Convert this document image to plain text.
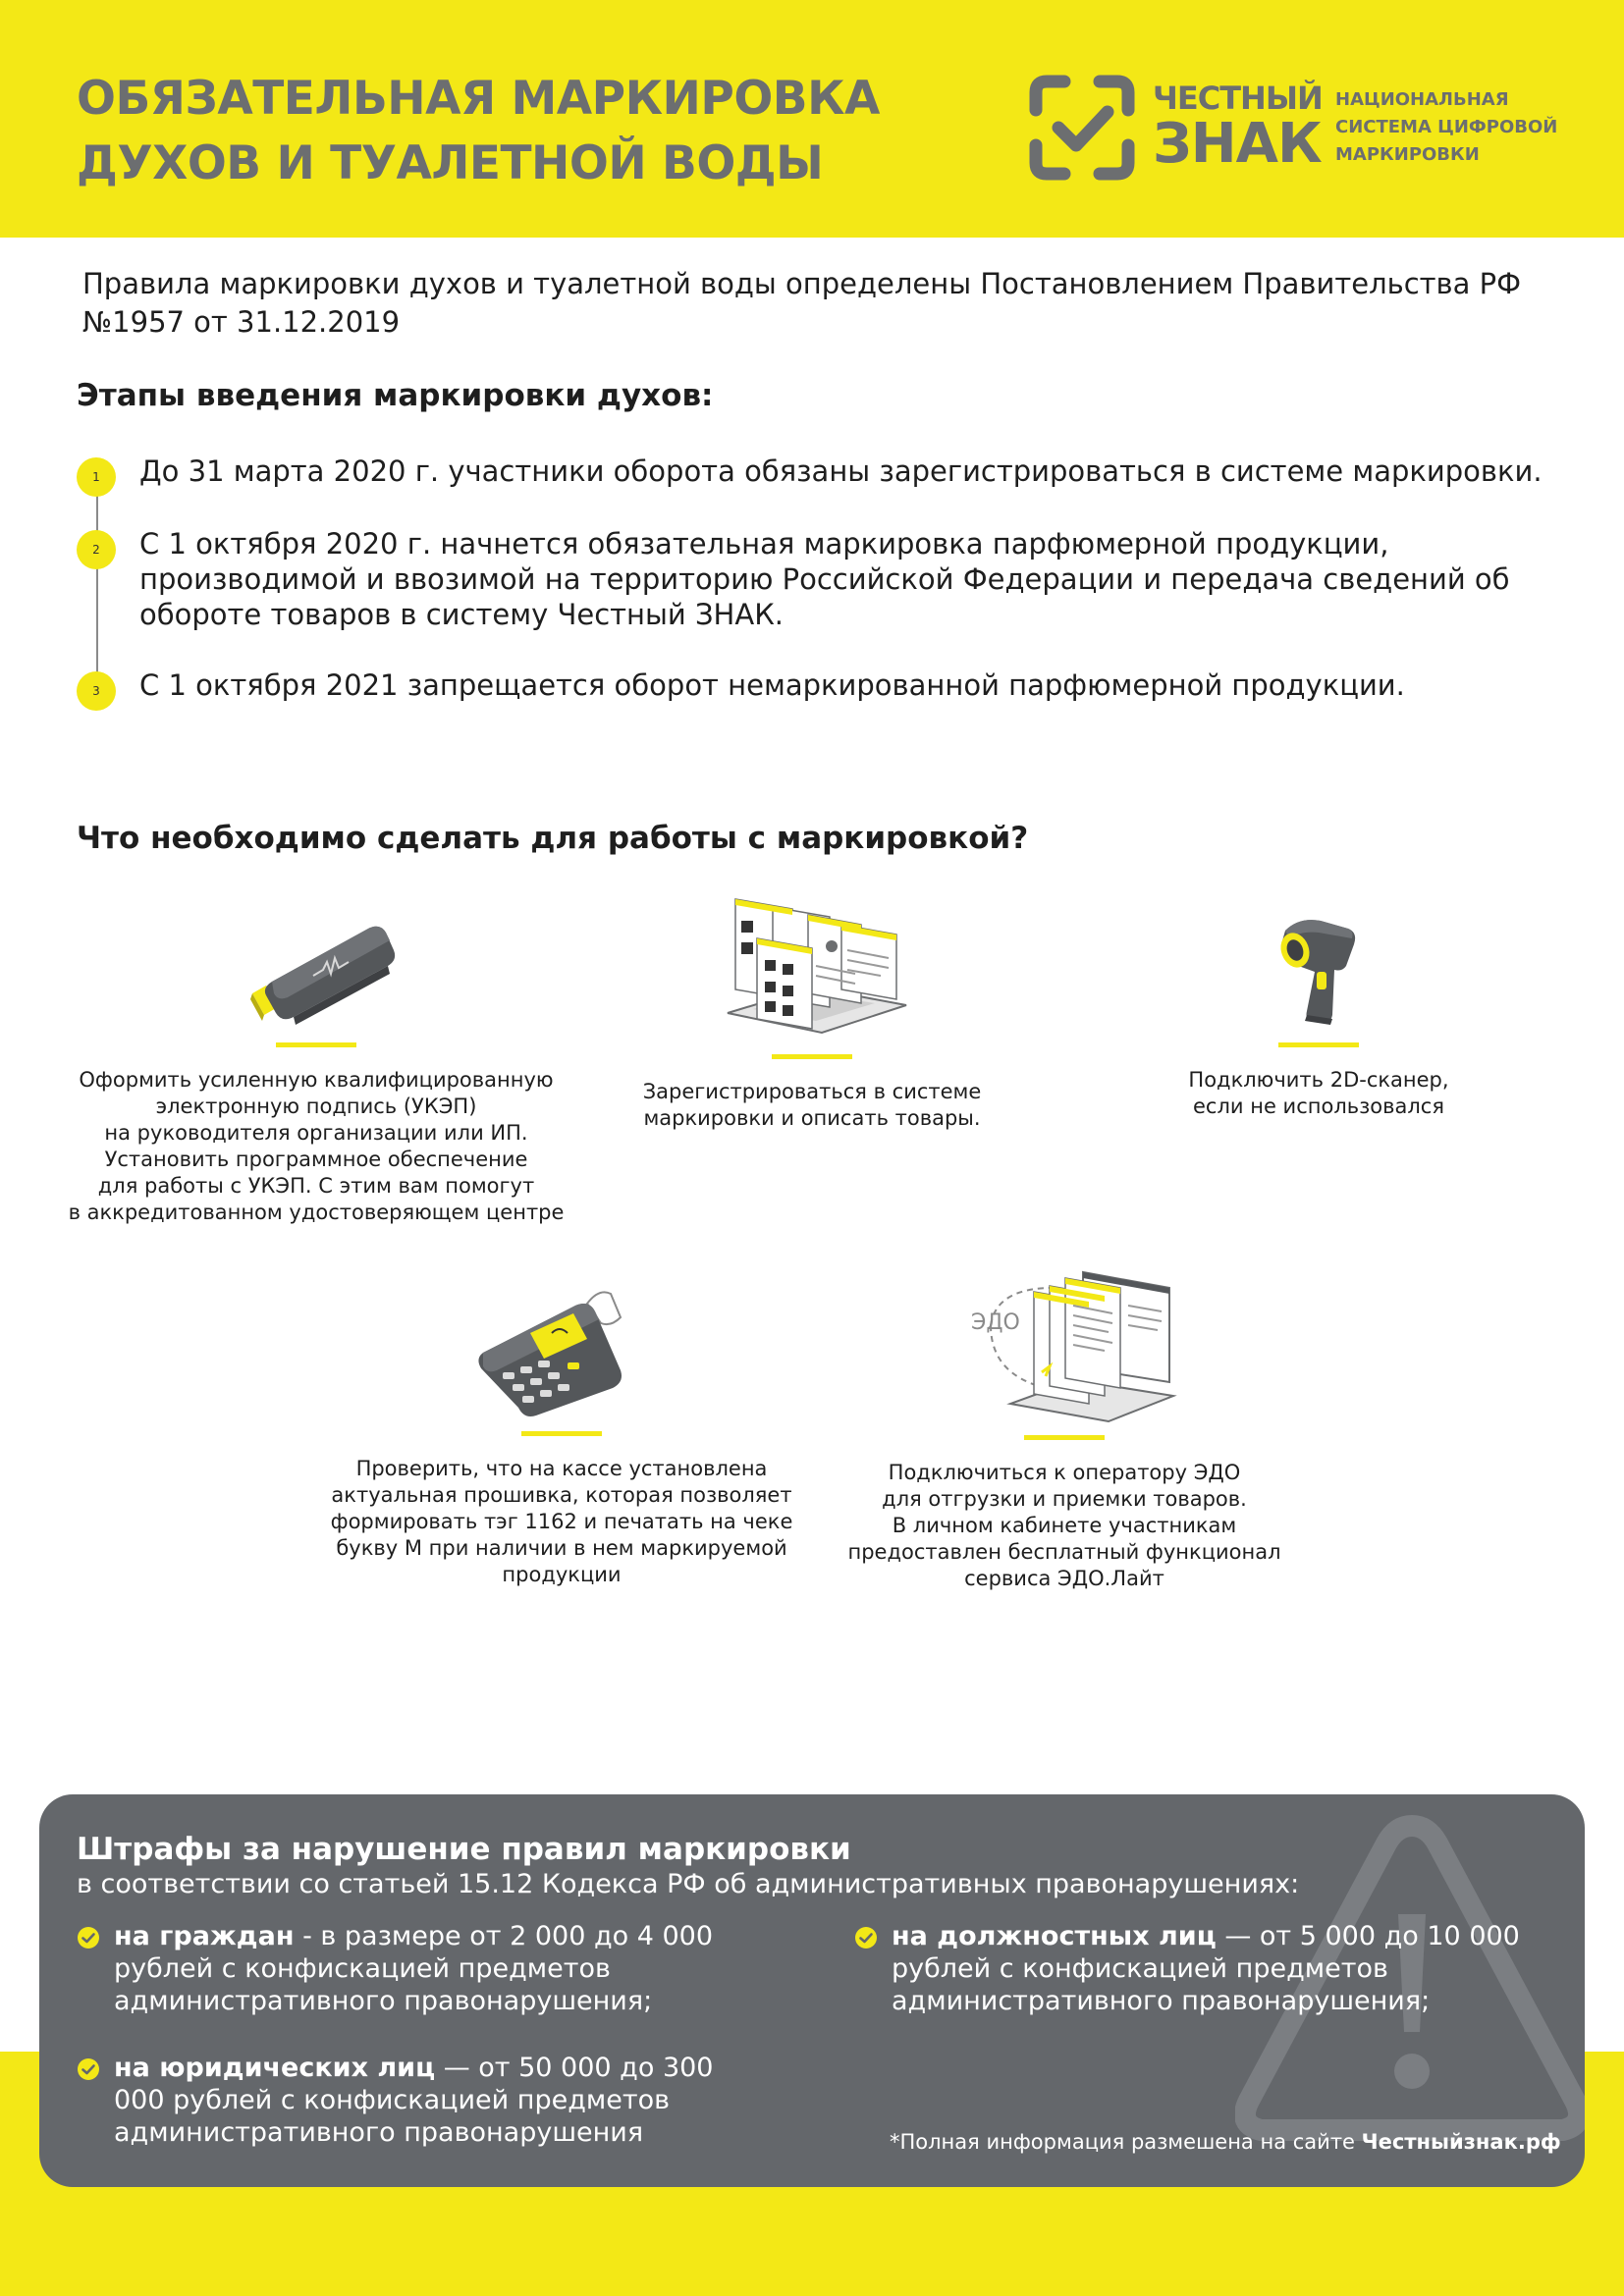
ОБЯЗАТЕЛЬНАЯ МАРКИРОВКА
ДУХОВ И ТУАЛЕТНОЙ ВОДЫ
ЧЕСТНЫЙ
ЗНАК
НАЦИОНАЛЬНАЯ
СИСТЕМА ЦИФРОВОЙ
МАРКИРОВКИ

Правила маркировки духов и туалетной воды определены Постановлением Правительства РФ №1957 от 31.12.2019

Этапы введения маркировки духов:
1	До 31 марта 2020 г. участники оборота обязаны зарегистрироваться в системе маркировки.

2	С 1 октября 2020 г. начнется обязательная маркировка парфюмерной продукции, производимой и ввозимой на территорию Российской Федерации и передача сведений об обороте товаров в систему Честный ЗНАК.

3	С 1 октября 2021 запрещается оборот немаркированной парфюмерной продукции.

Что необходимо сделать для работы с маркировкой?

Оформить усиленную квалифицированную
электронную подпись (УКЭП)
на руководителя организации или ИП.
Установить программное обеспечение
для работы с УКЭП. С этим вам помогут
в аккредитованном удостоверяющем центре

Зарегистрироваться в системе
маркировки и описать товары.

Подключить 2D-сканер,
если не использовался

Проверить, что на кассе установлена
актуальная прошивка, которая позволяет
формировать тэг 1162 и печатать на чеке
букву М при наличии в нем маркируемой
продукции

ЭДО

Подключиться к оператору ЭДО
для отгрузки и приемки товаров.
В личном кабинете участникам
предоставлен бесплатный функционал
сервиса ЭДО.Лайт

Штрафы за нарушение правил маркировки

в соответствии со статьей 15.12 Кодекса РФ об административных правонарушениях:

на граждан - в размере от 2 000 до 4 000 рублей с конфискацией предметов административного правонарушения;

на должностных лиц — от 5 000 до 10 000 рублей с конфискацией предметов административного правонарушения;

на юридических лиц — от 50 000 до 300 000 рублей с конфискацией предметов административного правонарушения	*Полная информация размешена на сайте Честныйзнак.рф
